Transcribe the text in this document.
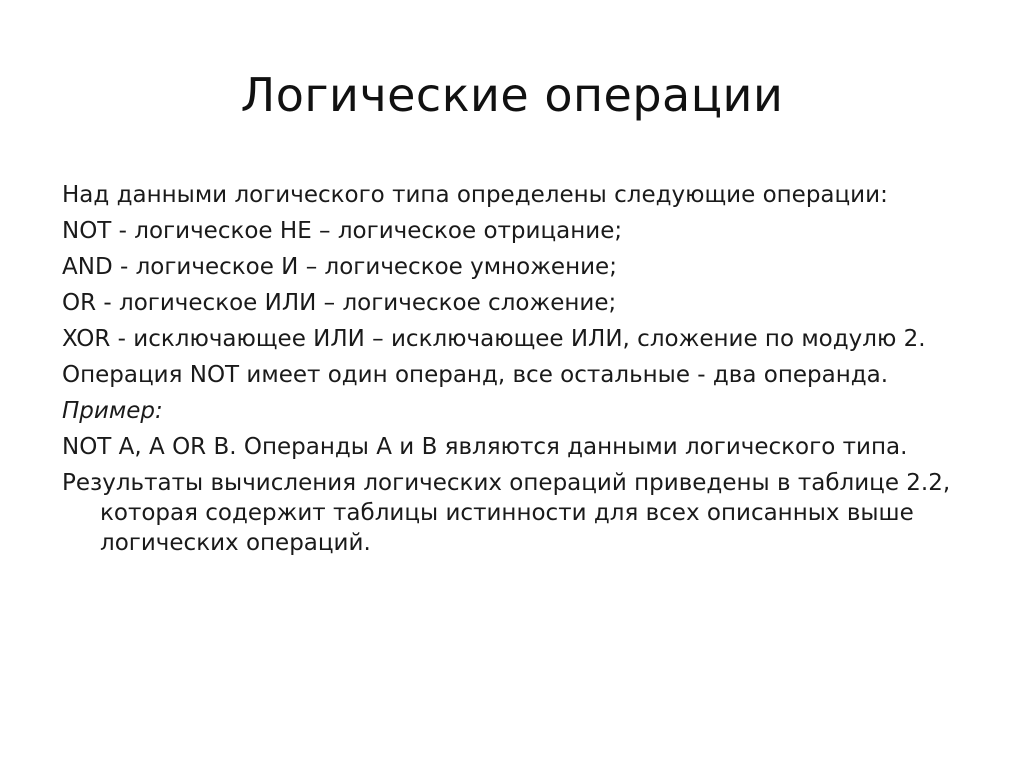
Логические операции

Над данными логического типа определены следующие операции:

NOT - логическое НЕ – логическое отрицание;

AND - логическое И – логическое умножение;

OR - логическое ИЛИ – логическое сложение;

XOR - исключающее ИЛИ – исключающее ИЛИ, сложение по модулю 2.

Операция NOT имеет один операнд, все остальные - два операнда.

Пример:

NOT A, A OR B. Операнды A и B являются данными логического типа.

Результаты вычисления логических операций приведены в таблице 2.2, которая содержит таблицы истинности для всех описанных выше логических операций.
